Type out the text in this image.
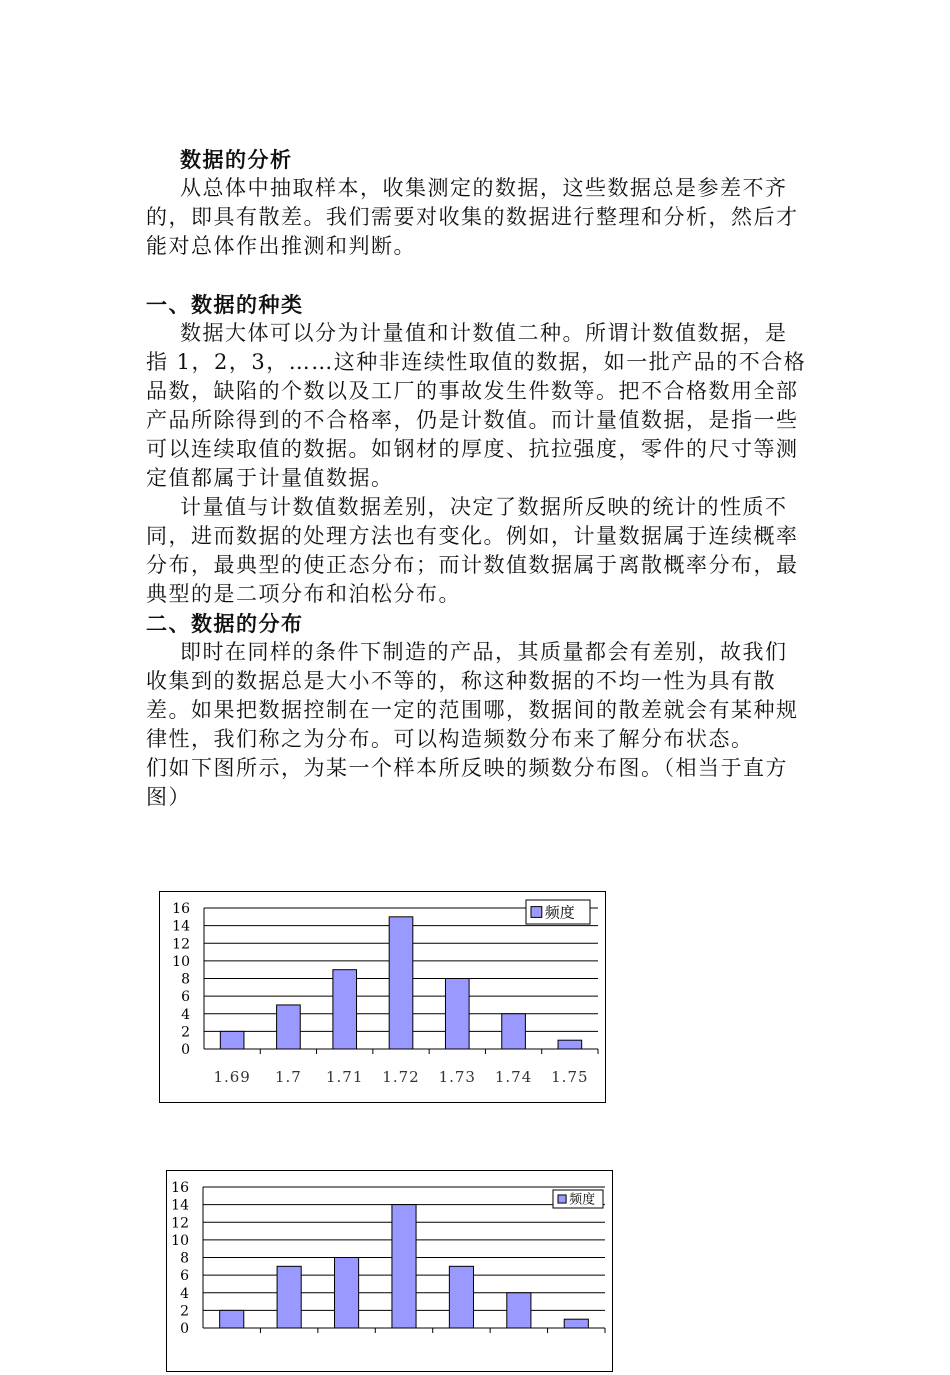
数据的分析

从总体中抽取样本，收集测定的数据，这些数据总是参差不齐的，即具有散差。我们需要对收集的数据进行整理和分析，然后才能对总体作出推测和判断。

一、数据的种类

数据大体可以分为计量值和计数值二种。所谓计数值数据，是指 1，2，3，……这种非连续性取值的数据，如一批产品的不合格品数，缺陷的个数以及工厂的事故发生件数等。把不合格数用全部产品所除得到的不合格率，仍是计数值。而计量值数据，是指一些可以连续取值的数据。如钢材的厚度、抗拉强度，零件的尺寸等测定值都属于计量值数据。

计量值与计数值数据差别，决定了数据所反映的统计的性质不同，进而数据的处理方法也有变化。例如，计量数据属于连续概率分布，最典型的使正态分布；而计数值数据属于离散概率分布，最典型的是二项分布和泊松分布。

二、数据的分布

即时在同样的条件下制造的产品，其质量都会有差别，故我们收集到的数据总是大小不等的，称这种数据的不均一性为具有散差。如果把数据控制在一定的范围哪，数据间的散差就会有某种规律性，我们称之为分布。可以构造频数分布来了解分布状态。

们如下图所示，为某一个样本所反映的频数分布图。（相当于直方图）

16
14
12
10
8
6
4
2
0
1.69 1.7 1.71 1.72 1.73 1.74 1.75
频度
16
14
12
10
8
6
4
2
0
频度
